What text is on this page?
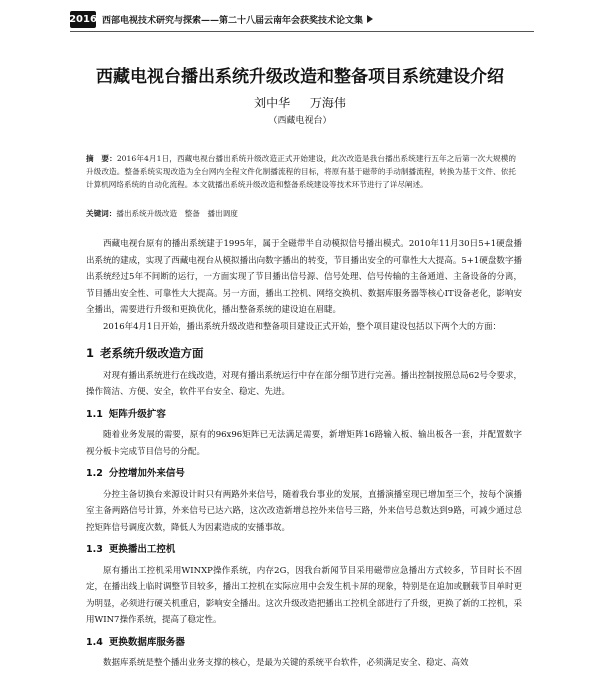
2016 西部电视技术研究与探索——第二十八届云南年会获奖技术论文集
西藏电视台播出系统升级改造和整备项目系统建设介绍
刘中华 万海伟
（西藏电视台）
摘　要：2016年4月1日，西藏电视台播出系统升级改造正式开始建设，此次改造是我台播出系统建行五年之后第一次大规模的升级改造。整备系统实现改造为全台网内全程文件化制播流程的目标，将原有基于磁带的手动制播流程，转换为基于文件、依托计算机网络系统的自动化流程。本文就播出系统升级改造和整备系统建设等技术环节进行了详尽阐述。
关键词：播出系统升级改造　整备　播出调度

西藏电视台原有的播出系统建于1995年，属于全磁带半自动模拟信号播出模式。2010年11月30日5+1硬盘播出系统的建成，实现了西藏电视台从模拟播出向数字播出的转变，节目播出安全的可靠性大大提高。5+1硬盘数字播出系统经过5年不间断的运行，一方面实现了节目播出信号源、信号处理、信号传输的主备通道、主备设备的分离，节目播出安全性、可靠性大大提高。另一方面，播出工控机、网络交换机、数据库服务器等核心IT设备老化，影响安全播出，需要进行升级和更换优化，播出整备系统的建设迫在眉睫。

2016年4月1日开始，播出系统升级改造和整备项目建设正式开始，整个项目建设包括以下两个大的方面：

1 老系统升级改造方面

对现有播出系统进行在线改造，对现有播出系统运行中存在部分细节进行完善。播出控制按照总局62号令要求，操作简洁、方便、安全，软件平台安全、稳定、先进。

1.1 矩阵升级扩容

随着业务发展的需要，原有的96x96矩阵已无法满足需要，新增矩阵16路输入板、输出板各一套，并配置数字视分板卡完成节目信号的分配。

1.2 分控增加外来信号

分控主备切换台来源设计时只有两路外来信号，随着我台事业的发展，直播演播室现已增加至三个，按每个演播室主备两路信号计算，外来信号已达六路，这次改造新增总控外来信号三路，外来信号总数达到9路，可减少通过总控矩阵信号调度次数，降低人为因素造成的安播事故。

1.3 更换播出工控机

原有播出工控机采用WINXP操作系统，内存2G，因我台新闻节目采用磁带应急播出方式较多，节目时长不固定，在播出线上临时调整节目较多，播出工控机在实际应用中会发生机卡屏的现象，特别是在追加或删载节目单时更为明显，必须进行硬关机重启，影响安全播出。这次升级改造把播出工控机全部进行了升级，更换了新的工控机，采用WIN7操作系统，提高了稳定性。

1.4 更换数据库服务器

数据库系统是整个播出业务支撑的核心，是最为关键的系统平台软件，必须满足安全、稳定、高效
